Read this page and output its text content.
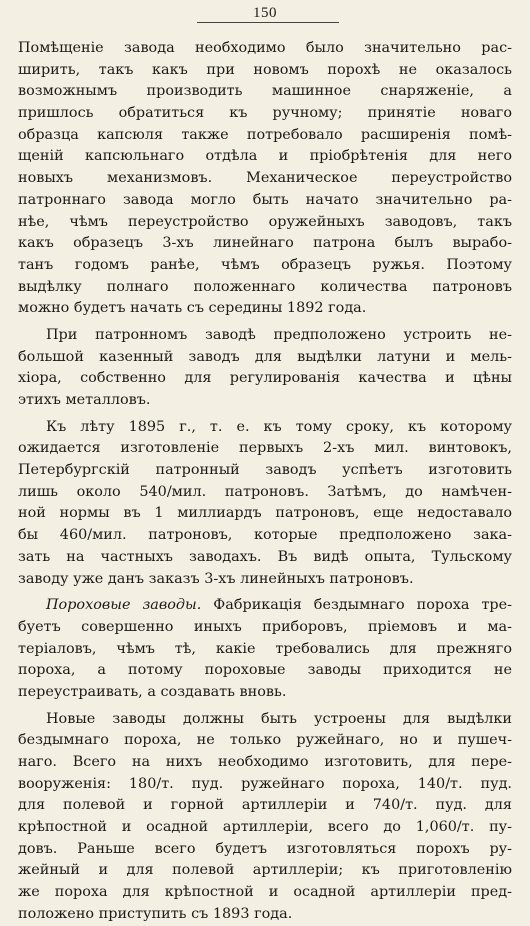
150
Помѣщеніе завода необходимо было значительно рас-
ширить, такъ какъ при новомъ порохѣ не оказалось
возможнымъ производить машинное снаряженіе, а
пришлось обратиться къ ручному; принятіе новаго
образца капсюля также потребовало расширенія помѣ-
щеній капсюльнаго отдѣла и пріобрѣтенія для него
новыхъ механизмовъ. Механическое переустройство
патроннаго завода могло быть начато значительно ра-
нѣе, чѣмъ переустройство оружейныхъ заводовъ, такъ
какъ образецъ 3-хъ линейнаго патрона былъ вырабо-
танъ годомъ ранѣе, чѣмъ образецъ ружья. Поэтому
выдѣлку полнаго положеннаго количества патроновъ
можно будетъ начать съ середины 1892 года.
При патронномъ заводѣ предположено устроить не-
большой казенный заводъ для выдѣлки латуни и мель-
хіора, собственно для регулированія качества и цѣны
этихъ металловъ.
Къ лѣту 1895 г., т. е. къ тому сроку, къ которому
ожидается изготовленіе первыхъ 2-хъ мил. винтовокъ,
Петербургскій патронный заводъ успѣетъ изготовить
лишь около 540/мил. патроновъ. Затѣмъ, до намѣчен-
ной нормы въ 1 миллиардъ патроновъ, еще недоставало
бы 460/мил. патроновъ, которые предположено зака-
зать на частныхъ заводахъ. Въ видѣ опыта, Тульскому
заводу уже данъ заказъ 3-хъ линейныхъ патроновъ.
Пороховые заводы. Фабрикація бездымнаго пороха тре-
буетъ совершенно иныхъ приборовъ, пріемовъ и ма-
теріаловъ, чѣмъ тѣ, какіе требовались для прежняго
пороха, а потому пороховые заводы приходится не
переустраивать, а создавать вновь.
Новые заводы должны быть устроены для выдѣлки
бездымнаго пороха, не только ружейнаго, но и пушеч-
наго. Всего на нихъ необходимо изготовить, для пере-
вооруженія: 180/т. пуд. ружейнаго пороха, 140/т. пуд.
для полевой и горной артиллеріи и 740/т. пуд. для
крѣпостной и осадной артиллеріи, всего до 1,060/т. пу-
довъ. Раньше всего будетъ изготовляться порохъ ру-
жейный и для полевой артиллеріи; къ приготовленію
же пороха для крѣпостной и осадной артиллеріи пред-
положено приступить съ 1893 года.
